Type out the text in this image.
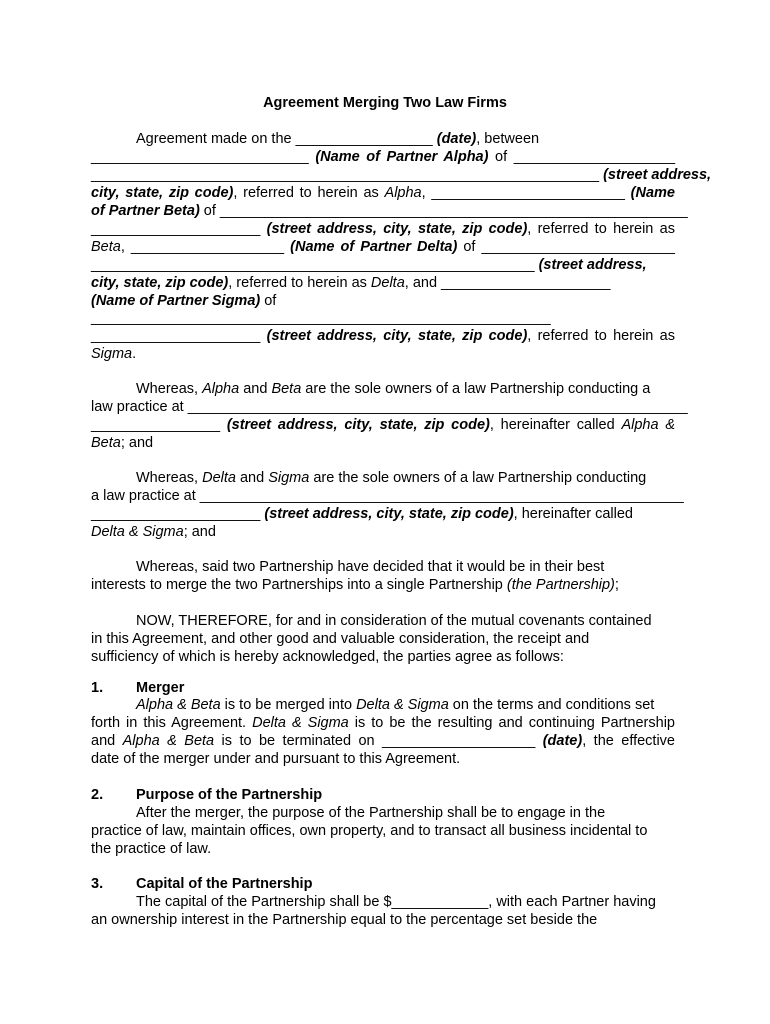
Agreement Merging Two Law Firms
Agreement made on the _________________ (date), between
___________________________ (Name of Partner Alpha) of ____________________
_______________________________________________________________ (street address,
city, state, zip code), referred to herein as Alpha, ________________________ (Name
of Partner Beta) of __________________________________________________________
_____________________ (street address, city, state, zip code), referred to herein as
Beta, ___________________ (Name of Partner Delta) of ________________________
_______________________________________________________ (street address,
city, state, zip code), referred to herein as Delta, and _____________________
(Name of Partner Sigma) of
_________________________________________________________
_____________________ (street address, city, state, zip code), referred to herein as
Sigma.
Whereas, Alpha and Beta are the sole owners of a law Partnership conducting a
law practice at ______________________________________________________________
________________ (street address, city, state, zip code), hereinafter called Alpha &
Beta; and
Whereas, Delta and Sigma are the sole owners of a law Partnership conducting
a law practice at ____________________________________________________________
_____________________ (street address, city, state, zip code), hereinafter called
Delta & Sigma; and
Whereas, said two Partnership have decided that it would be in their best
interests to merge the two Partnerships into a single Partnership (the Partnership);
NOW, THEREFORE, for and in consideration of the mutual covenants contained
in this Agreement, and other good and valuable consideration, the receipt and
sufficiency of which is hereby acknowledged, the parties agree as follows:
1. Merger
Alpha & Beta is to be merged into Delta & Sigma on the terms and conditions set
forth in this Agreement. Delta & Sigma is to be the resulting and continuing Partnership
and Alpha & Beta is to be terminated on ___________________ (date), the effective
date of the merger under and pursuant to this Agreement.
2. Purpose of the Partnership
After the merger, the purpose of the Partnership shall be to engage in the
practice of law, maintain offices, own property, and to transact all business incidental to
the practice of law.
3. Capital of the Partnership
The capital of the Partnership shall be $____________, with each Partner having
an ownership interest in the Partnership equal to the percentage set beside the
